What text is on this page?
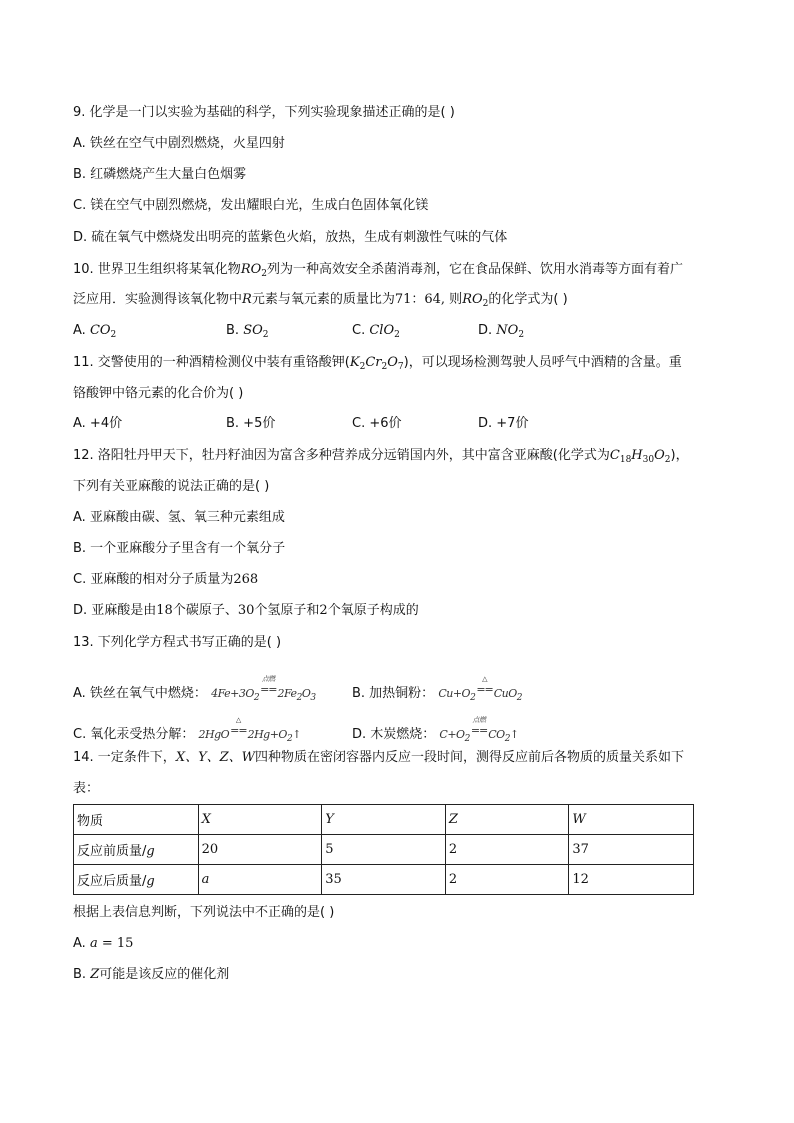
9. 化学是一门以实验为基础的科学，下列实验现象描述正确的是( )
A. 铁丝在空气中剧烈燃烧，火星四射
B. 红磷燃烧产生大量白色烟雾
C. 镁在空气中剧烈燃烧，发出耀眼白光，生成白色固体氧化镁
D. 硫在氧气中燃烧发出明亮的蓝紫色火焰，放热，生成有刺激性气味的气体
10. 世界卫生组织将某氧化物$RO_2$列为一种高效安全杀菌消毒剂，它在食品保鲜、饮用水消毒等方面有着广
泛应用．实验测得该氧化物中R元素与氧元素的质量比为71：64, 则$RO_2$的化学式为( )
A. $CO_2$	B. $SO_2$	C. ClO$_2$	D. $NO_2$
11. 交警使用的一种酒精检测仪中装有重铬酸钾$(K_2Cr_2O_7)$，可以现场检测驾驶人员呼气中酒精的含量。重
铬酸钾中铬元素的化合价为( )
A. +4价	B. +5价	C. +6价	D. +7价
12. 洛阳牡丹甲天下，牡丹籽油因为富含多种营养成分远销国内外，其中富含亚麻酸(化学式为$C_{18}H_{30}O_2$)，
下列有关亚麻酸的说法正确的是( )
A. 亚麻酸由碳、氢、氧三种元素组成
B. 一个亚麻酸分子里含有一个氧分子
C. 亚麻酸的相对分子质量为268
D. 亚麻酸是由18个碳原子、30个氢原子和2个氧原子构成的
13. 下列化学方程式书写正确的是( )
A. 铁丝在氧气中燃烧： $4Fe+3O_2$点燃
== $2Fe_2O_3$	B. 加热铜粉： $Cu+O_2\triangle$
== CuO$_2$
C. 氧化汞受热分解： 2HgO△
== $2Hg+O_2↑$	D. 木炭燃烧： $C+O_2$点燃
== $CO_2↑$
14. 一定条件下，X、Y、Z、W四种物质在密闭容器内反应一段时间，测得反应前后各物质的质量关系如下
表：
物质	X	Y	Z	W
反应前质量/g	20	5	2	37
反应后质量/g	a	35	2	12
根据上表信息判断，下列说法中不正确的是( )
A. a = 15
B. Z可能是该反应的催化剂
